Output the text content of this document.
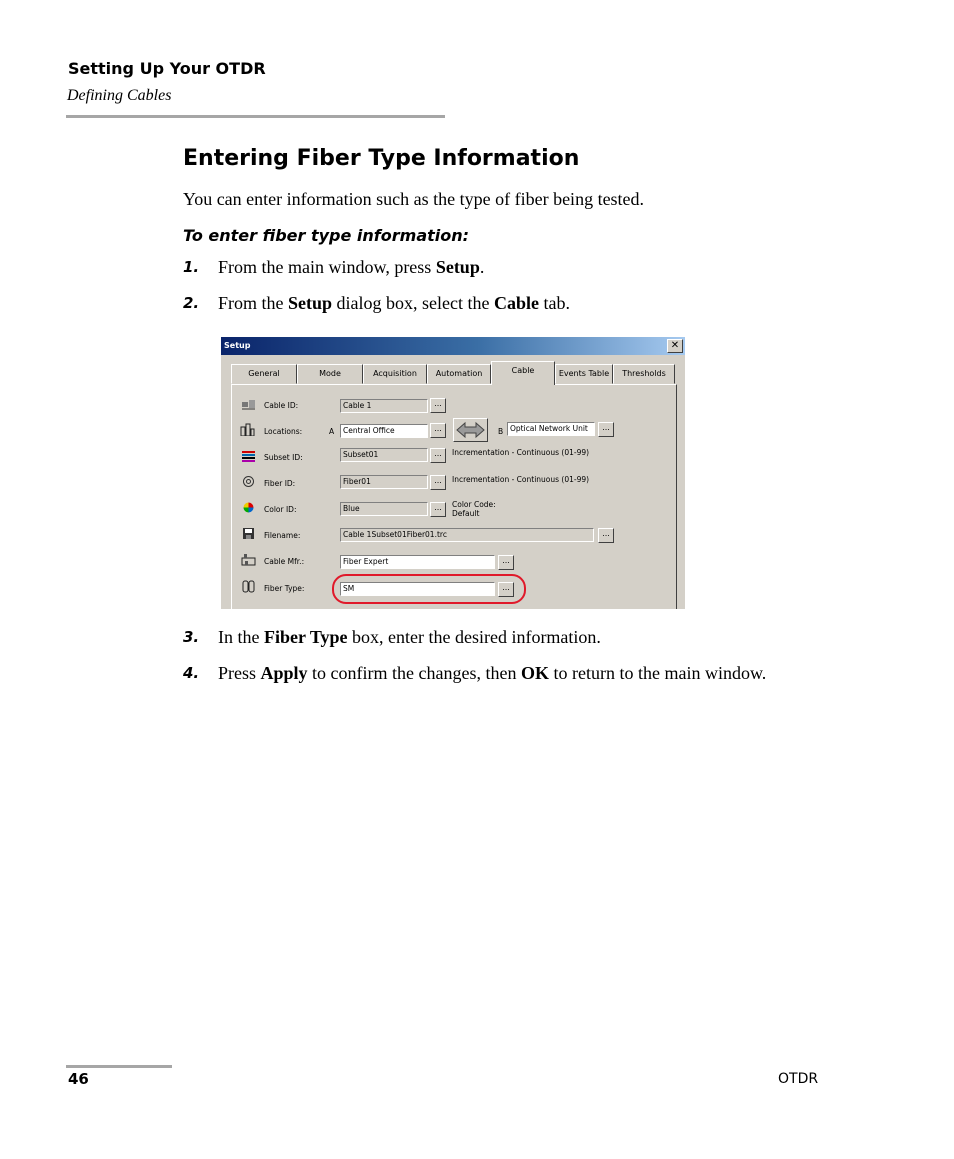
Setting Up Your OTDR
Defining Cables
Entering Fiber Type Information
You can enter information such as the type of fiber being tested.
To enter fiber type information:
1. From the main window, press Setup.
2. From the Setup dialog box, select the Cable tab.
Setup	✕
General	Mode	Acquisition	Automation	Cable	Events Table	Thresholds
Cable ID:	Cable 1	...
Locations:	A	Central Office	...	B Optical Network Unit	...
Subset ID:	Subset01	...	Incrementation - Continuous (01-99)
Fiber ID:	Fiber01	...	Incrementation - Continuous (01-99)
Color ID:	Blue	...	Color Code:
Default
Filename:	Cable 1Subset01Fiber01.trc	...
Cable Mfr.:	Fiber Expert	...
Fiber Type:	SM	...
3. In the Fiber Type box, enter the desired information.
4. Press Apply to confirm the changes, then OK to return to the main window.
46	OTDR
